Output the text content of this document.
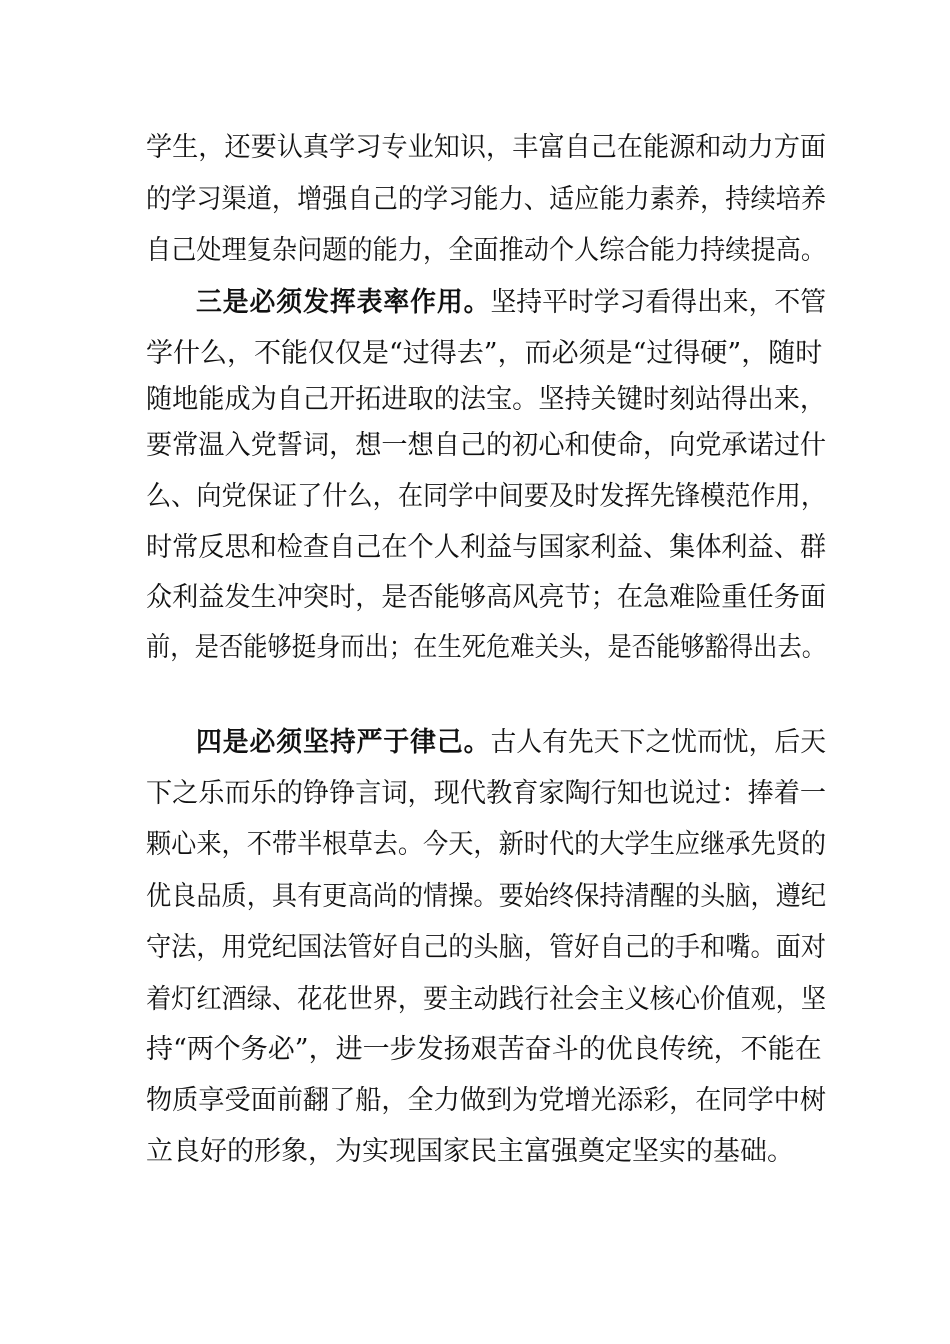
学生，还要认真学习专业知识，丰富自己在能源和动力方面
的学习渠道，增强自己的学习能力、适应能力素养，持续培养
自己处理复杂问题的能力，全面推动个人综合能力持续提高。
三是必须发挥表率作用。坚持平时学习看得出来，不管
学什么，不能仅仅是“过得去”，而必须是“过得硬”，随时
随地能成为自己开拓进取的法宝。坚持关键时刻站得出来，
要常温入党誓词，想一想自己的初心和使命，向党承诺过什
么、向党保证了什么，在同学中间要及时发挥先锋模范作用，
时常反思和检查自己在个人利益与国家利益、集体利益、群
众利益发生冲突时，是否能够高风亮节；在急难险重任务面
前，是否能够挺身而出；在生死危难关头，是否能够豁得出去。
四是必须坚持严于律己。古人有先天下之忧而忧，后天
下之乐而乐的铮铮言词，现代教育家陶行知也说过：捧着一
颗心来，不带半根草去。今天，新时代的大学生应继承先贤的
优良品质，具有更高尚的情操。要始终保持清醒的头脑，遵纪
守法，用党纪国法管好自己的头脑，管好自己的手和嘴。面对
着灯红酒绿、花花世界，要主动践行社会主义核心价值观，坚
持“两个务必”，进一步发扬艰苦奋斗的优良传统，不能在
物质享受面前翻了船，全力做到为党增光添彩，在同学中树
立良好的形象，为实现国家民主富强奠定坚实的基础。
